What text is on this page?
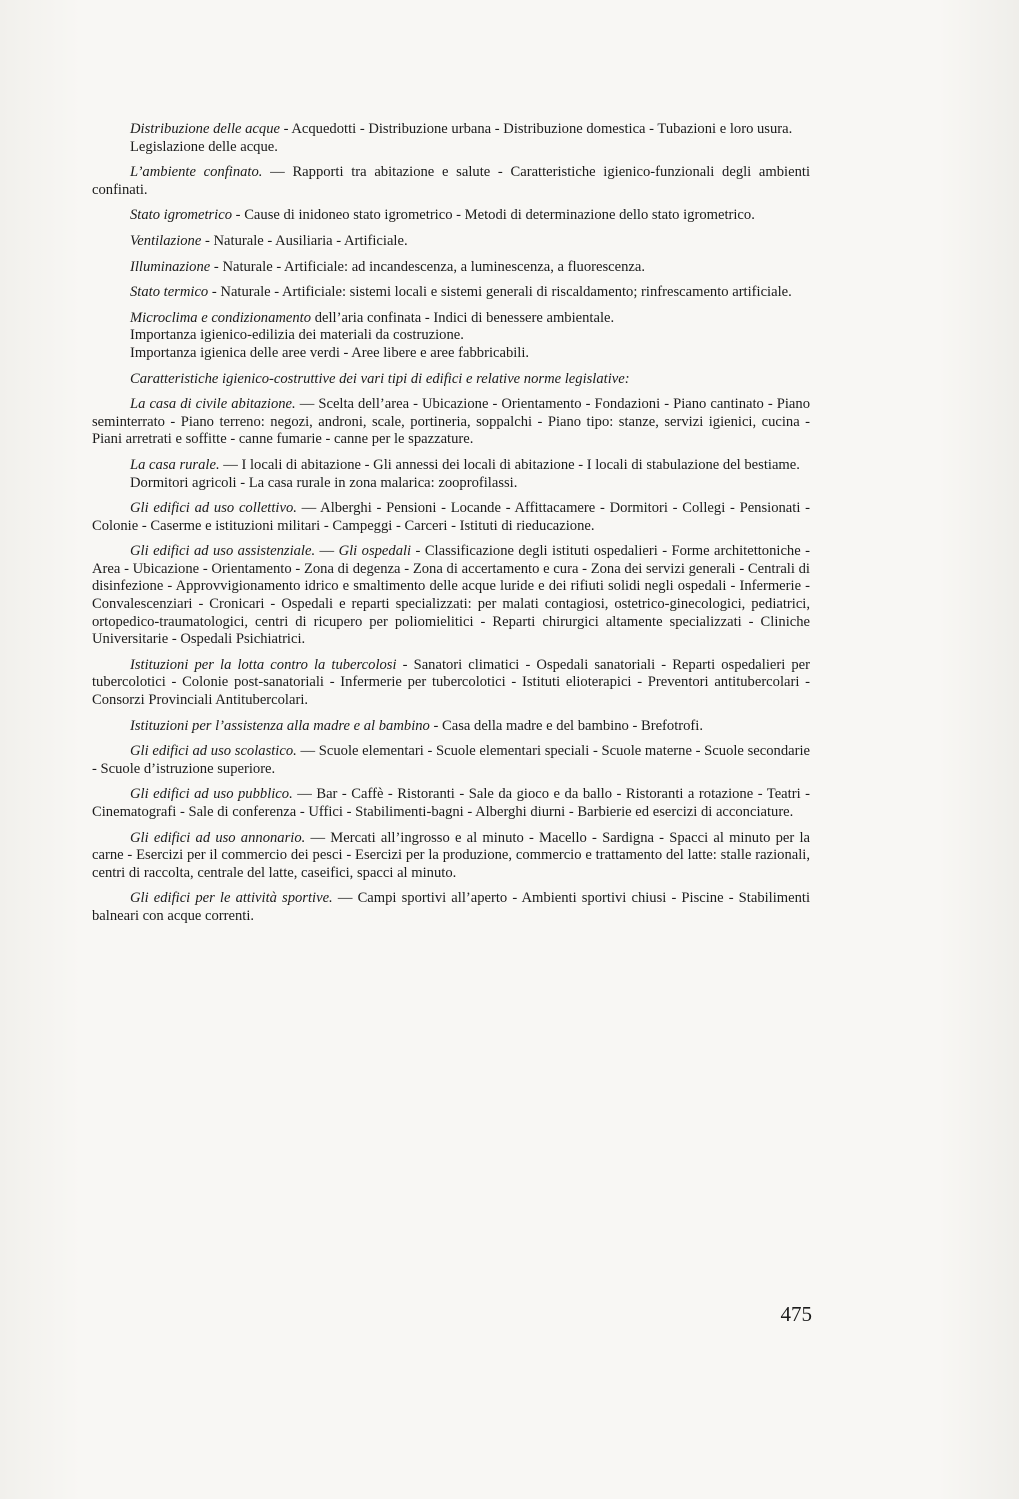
Distribuzione delle acque - Acquedotti - Distribuzione urbana - Distribuzione domestica - Tubazioni e loro usura.

Legislazione delle acque.

L’ambiente confinato. — Rapporti tra abitazione e salute - Caratteristiche igienico-funzionali degli ambienti confinati.

Stato igrometrico - Cause di inidoneo stato igrometrico - Metodi di determinazione dello stato igrometrico.

Ventilazione - Naturale - Ausiliaria - Artificiale.

Illuminazione - Naturale - Artificiale: ad incandescenza, a luminescenza, a fluorescenza.

Stato termico - Naturale - Artificiale: sistemi locali e sistemi generali di riscaldamento; rinfrescamento artificiale.

Microclima e condizionamento dell’aria confinata - Indici di benessere ambientale.

Importanza igienico-edilizia dei materiali da costruzione.

Importanza igienica delle aree verdi - Aree libere e aree fabbricabili.

Caratteristiche igienico-costruttive dei vari tipi di edifici e relative norme legislative:

La casa di civile abitazione. — Scelta dell’area - Ubicazione - Orientamento - Fondazioni - Piano cantinato - Piano seminterrato - Piano terreno: negozi, androni, scale, portineria, soppalchi - Piano tipo: stanze, servizi igienici, cucina - Piani arretrati e soffitte - canne fumarie - canne per le spazzature.

La casa rurale. — I locali di abitazione - Gli annessi dei locali di abitazione - I locali di stabulazione del bestiame.

Dormitori agricoli - La casa rurale in zona malarica: zooprofilassi.

Gli edifici ad uso collettivo. — Alberghi - Pensioni - Locande - Affittacamere - Dormitori - Collegi - Pensionati - Colonie - Caserme e istituzioni militari - Campeggi - Carceri - Istituti di rieducazione.

Gli edifici ad uso assistenziale. — Gli ospedali - Classificazione degli istituti ospedalieri - Forme architettoniche - Area - Ubicazione - Orientamento - Zona di degenza - Zona di accertamento e cura - Zona dei servizi generali - Centrali di disinfezione - Approvvigionamento idrico e smaltimento delle acque luride e dei rifiuti solidi negli ospedali - Infermerie - Convalescenziari - Cronicari - Ospedali e reparti specializzati: per malati contagiosi, ostetrico-ginecologici, pediatrici, ortopedico-traumatologici, centri di ricupero per poliomielitici - Reparti chirurgici altamente specializzati - Cliniche Universitarie - Ospedali Psichiatrici.

Istituzioni per la lotta contro la tubercolosi - Sanatori climatici - Ospedali sanatoriali - Reparti ospedalieri per tubercolotici - Colonie post-sanatoriali - Infermerie per tubercolotici - Istituti elioterapici - Preventori antitubercolari - Consorzi Provinciali Antitubercolari.

Istituzioni per l’assistenza alla madre e al bambino - Casa della madre e del bambino - Brefotrofi.

Gli edifici ad uso scolastico. — Scuole elementari - Scuole elementari speciali - Scuole materne - Scuole secondarie - Scuole d’istruzione superiore.

Gli edifici ad uso pubblico. — Bar - Caffè - Ristoranti - Sale da gioco e da ballo - Ristoranti a rotazione - Teatri - Cinematografi - Sale di conferenza - Uffici - Stabilimenti-bagni - Alberghi diurni - Barbierie ed esercizi di acconciature.

Gli edifici ad uso annonario. — Mercati all’ingrosso e al minuto - Macello - Sardigna - Spacci al minuto per la carne - Esercizi per il commercio dei pesci - Esercizi per la produzione, commercio e trattamento del latte: stalle razionali, centri di raccolta, centrale del latte, caseifici, spacci al minuto.

Gli edifici per le attività sportive. — Campi sportivi all’aperto - Ambienti sportivi chiusi - Piscine - Stabilimenti balneari con acque correnti.

475
